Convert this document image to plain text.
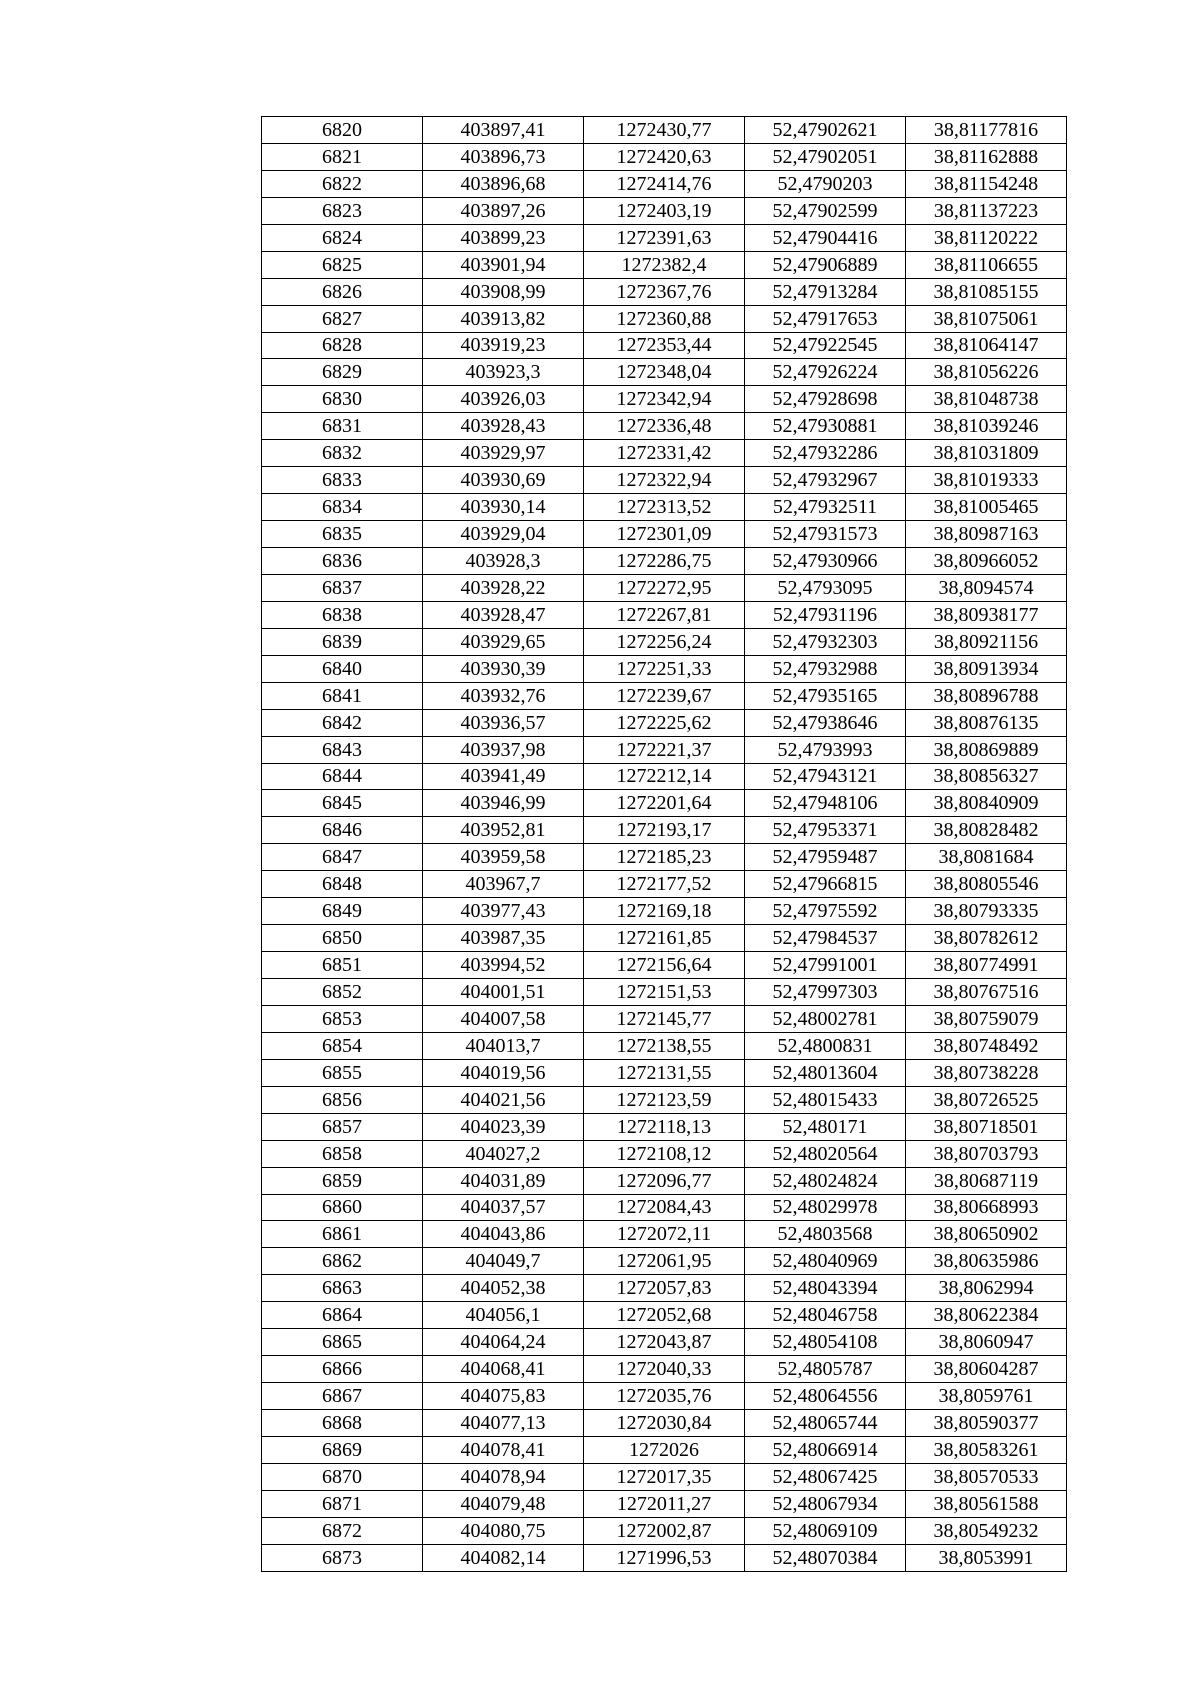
6820	403897,41	1272430,77	52,47902621	38,81177816
6821	403896,73	1272420,63	52,47902051	38,81162888
6822	403896,68	1272414,76	52,4790203	38,81154248
6823	403897,26	1272403,19	52,47902599	38,81137223
6824	403899,23	1272391,63	52,47904416	38,81120222
6825	403901,94	1272382,4	52,47906889	38,81106655
6826	403908,99	1272367,76	52,47913284	38,81085155
6827	403913,82	1272360,88	52,47917653	38,81075061
6828	403919,23	1272353,44	52,47922545	38,81064147
6829	403923,3	1272348,04	52,47926224	38,81056226
6830	403926,03	1272342,94	52,47928698	38,81048738
6831	403928,43	1272336,48	52,47930881	38,81039246
6832	403929,97	1272331,42	52,47932286	38,81031809
6833	403930,69	1272322,94	52,47932967	38,81019333
6834	403930,14	1272313,52	52,47932511	38,81005465
6835	403929,04	1272301,09	52,47931573	38,80987163
6836	403928,3	1272286,75	52,47930966	38,80966052
6837	403928,22	1272272,95	52,4793095	38,8094574
6838	403928,47	1272267,81	52,47931196	38,80938177
6839	403929,65	1272256,24	52,47932303	38,80921156
6840	403930,39	1272251,33	52,47932988	38,80913934
6841	403932,76	1272239,67	52,47935165	38,80896788
6842	403936,57	1272225,62	52,47938646	38,80876135
6843	403937,98	1272221,37	52,4793993	38,80869889
6844	403941,49	1272212,14	52,47943121	38,80856327
6845	403946,99	1272201,64	52,47948106	38,80840909
6846	403952,81	1272193,17	52,47953371	38,80828482
6847	403959,58	1272185,23	52,47959487	38,8081684
6848	403967,7	1272177,52	52,47966815	38,80805546
6849	403977,43	1272169,18	52,47975592	38,80793335
6850	403987,35	1272161,85	52,47984537	38,80782612
6851	403994,52	1272156,64	52,47991001	38,80774991
6852	404001,51	1272151,53	52,47997303	38,80767516
6853	404007,58	1272145,77	52,48002781	38,80759079
6854	404013,7	1272138,55	52,4800831	38,80748492
6855	404019,56	1272131,55	52,48013604	38,80738228
6856	404021,56	1272123,59	52,48015433	38,80726525
6857	404023,39	1272118,13	52,480171	38,80718501
6858	404027,2	1272108,12	52,48020564	38,80703793
6859	404031,89	1272096,77	52,48024824	38,80687119
6860	404037,57	1272084,43	52,48029978	38,80668993
6861	404043,86	1272072,11	52,4803568	38,80650902
6862	404049,7	1272061,95	52,48040969	38,80635986
6863	404052,38	1272057,83	52,48043394	38,8062994
6864	404056,1	1272052,68	52,48046758	38,80622384
6865	404064,24	1272043,87	52,48054108	38,8060947
6866	404068,41	1272040,33	52,4805787	38,80604287
6867	404075,83	1272035,76	52,48064556	38,8059761
6868	404077,13	1272030,84	52,48065744	38,80590377
6869	404078,41	1272026	52,48066914	38,80583261
6870	404078,94	1272017,35	52,48067425	38,80570533
6871	404079,48	1272011,27	52,48067934	38,80561588
6872	404080,75	1272002,87	52,48069109	38,80549232
6873	404082,14	1271996,53	52,48070384	38,8053991
